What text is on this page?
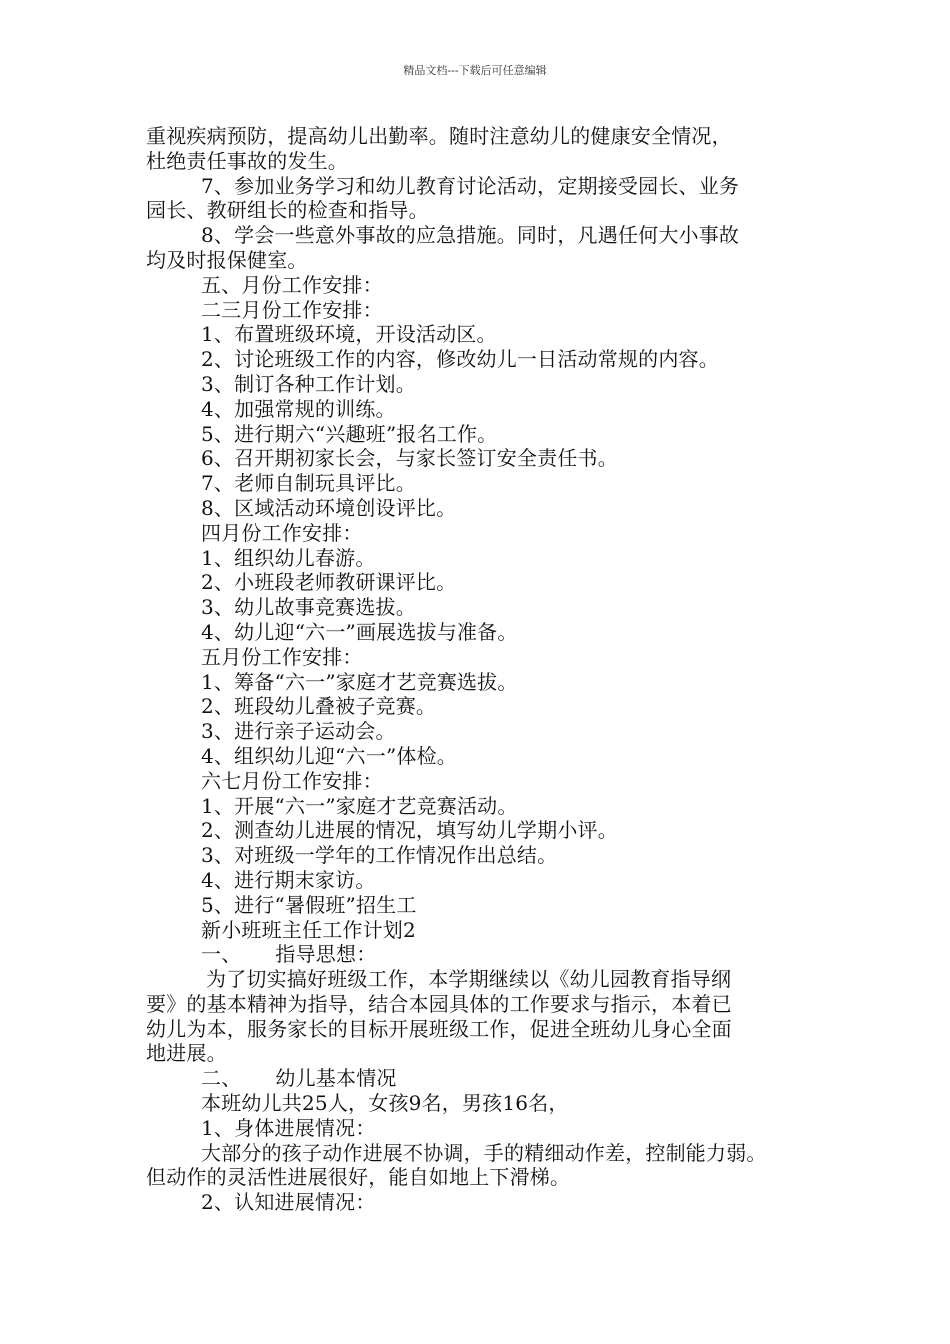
精品文档---下载后可任意编辑
重视疾病预防，提高幼儿出勤率。随时注意幼儿的健康安全情况，
杜绝责任事故的发生。
7、参加业务学习和幼儿教育讨论活动，定期接受园长、业务
园长、教研组长的检查和指导。
8、学会一些意外事故的应急措施。同时，凡遇任何大小事故
均及时报保健室。
五、月份工作安排：
二三月份工作安排：
1、布置班级环境，开设活动区。
2、讨论班级工作的内容，修改幼儿一日活动常规的内容。
3、制订各种工作计划。
4、加强常规的训练。
5、进行期六“兴趣班”报名工作。
6、召开期初家长会，与家长签订安全责任书。
7、老师自制玩具评比。
8、区域活动环境创设评比。
四月份工作安排：
1、组织幼儿春游。
2、小班段老师教研课评比。
3、幼儿故事竞赛选拔。
4、幼儿迎“六一”画展选拔与准备。
五月份工作安排：
1、筹备“六一”家庭才艺竞赛选拔。
2、班段幼儿叠被子竞赛。
3、进行亲子运动会。
4、组织幼儿迎“六一”体检。
六七月份工作安排：
1、开展“六一”家庭才艺竞赛活动。
2、测查幼儿进展的情况，填写幼儿学期小评。
3、对班级一学年的工作情况作出总结。
4、进行期末家访。
5、进行“暑假班”招生工
新小班班主任工作计划2
一、 指导思想：
为了切实搞好班级工作，本学期继续以《幼儿园教育指导纲
要》的基本精神为指导，结合本园具体的工作要求与指示，本着已
幼儿为本，服务家长的目标开展班级工作，促进全班幼儿身心全面
地进展。
二、 幼儿基本情况
本班幼儿共25人，女孩9名，男孩16名，
1、身体进展情况：
大部分的孩子动作进展不协调，手的精细动作差，控制能力弱。
但动作的灵活性进展很好，能自如地上下滑梯。
2、认知进展情况：
